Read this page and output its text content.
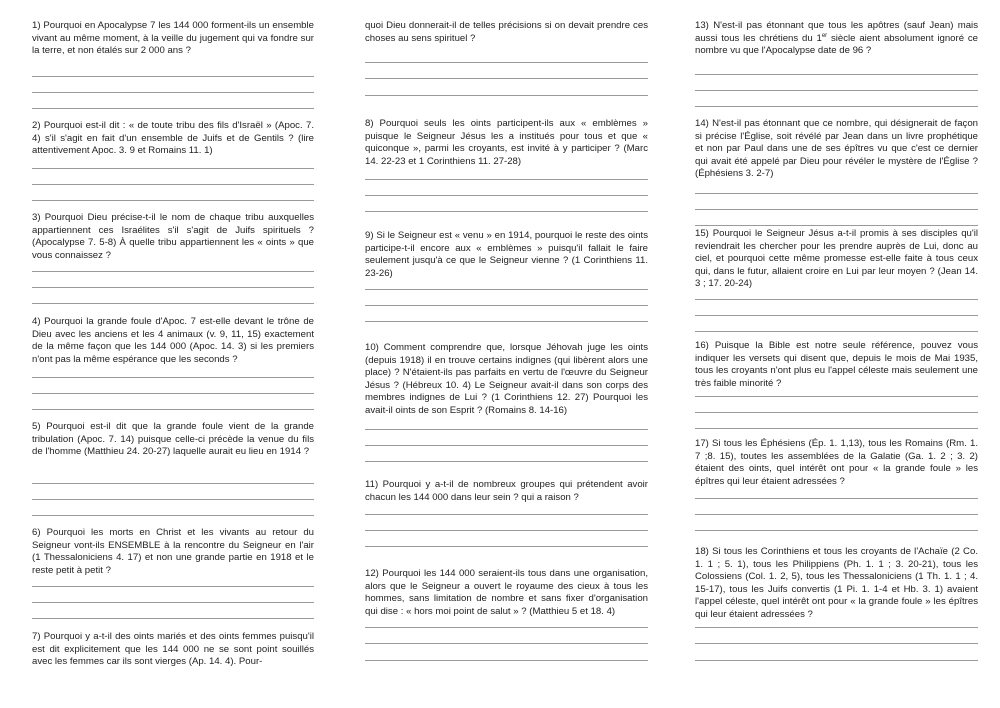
1) Pourquoi en Apocalypse 7 les 144 000 forment-ils un ensemble vivant au même moment, à la veille du jugement qui va fondre sur la terre, et non étalés sur 2 000 ans ?

2) Pourquoi est-il dit : « de toute tribu des fils d'Israël » (Apoc. 7. 4) s'il s'agit en fait d'un ensemble de Juifs et de Gentils ? (lire attentivement Apoc. 3. 9 et Romains 11. 1)

3) Pourquoi Dieu précise-t-il le nom de chaque tribu auxquelles appartiennent ces Israélites s'il s'agit de Juifs spirituels ? (Apocalypse 7. 5-8) À quelle tribu appartiennent les « oints » que vous connaissez ?

4) Pourquoi la grande foule d'Apoc. 7 est-elle devant le trône de Dieu avec les anciens et les 4 animaux (v. 9, 11, 15) exactement de la même façon que les 144 000 (Apoc. 14. 3) si les premiers n'ont pas la même espérance que les seconds ?

5) Pourquoi est-il dit que la grande foule vient de la grande tribulation (Apoc. 7. 14) puisque celle-ci précède la venue du fils de l'homme (Matthieu 24. 20-27) laquelle aurait eu lieu en 1914 ?

6) Pourquoi les morts en Christ et les vivants au retour du Seigneur vont-ils ENSEMBLE à la rencontre du Seigneur en l'air (1 Thessaloniciens 4. 17) et non une grande partie en 1918 et le reste petit à petit ?

7) Pourquoi y a-t-il des oints mariés et des oints femmes puisqu'il est dit explicitement que les 144 000 ne se sont point souillés avec les femmes car ils sont vierges (Ap. 14. 4). Pour-

quoi Dieu donnerait-il de telles précisions si on devait prendre ces choses au sens spirituel ?

8) Pourquoi seuls les oints participent-ils aux « emblèmes » puisque le Seigneur Jésus les a institués pour tous et que « quiconque », parmi les croyants, est invité à y participer ? (Marc 14. 22-23 et 1 Corinthiens 11. 27-28)

9) Si le Seigneur est « venu » en 1914, pourquoi le reste des oints participe-t-il encore aux « emblèmes » puisqu'il fallait le faire seulement jusqu'à ce que le Seigneur vienne ? (1 Corinthiens 11. 23-26)

10) Comment comprendre que, lorsque Jéhovah juge les oints (depuis 1918) il en trouve certains indignes (qui libèrent alors une place) ? N'étaient-ils pas parfaits en vertu de l'œuvre du Seigneur Jésus ? (Hébreux 10. 4) Le Seigneur avait-il dans son corps des membres indignes de Lui ? (1 Corinthiens 12. 27) Pourquoi les avait-il oints de son Esprit ? (Romains 8. 14-16)

11) Pourquoi y a-t-il de nombreux groupes qui prétendent avoir chacun les 144 000 dans leur sein ? qui a raison ?

12) Pourquoi les 144 000 seraient-ils tous dans une organisation, alors que le Seigneur a ouvert le royaume des cieux à tous les hommes, sans limitation de nombre et sans fixer d'organisation qui dise : « hors moi point de salut » ? (Matthieu 5 et 18. 4)

13) N'est-il pas étonnant que tous les apôtres (sauf Jean) mais aussi tous les chrétiens du 1er siècle aient absolument ignoré ce nombre vu que l'Apocalypse date de 96 ?

14) N'est-il pas étonnant que ce nombre, qui désignerait de façon si précise l'Église, soit révélé par Jean dans un livre prophétique et non par Paul dans une de ses épîtres vu que c'est ce dernier qui avait été appelé par Dieu pour révéler le mystère de l'Église ? (Éphésiens 3. 2-7)

15) Pourquoi le Seigneur Jésus a-t-il promis à ses disciples qu'il reviendrait les chercher pour les prendre auprès de Lui, donc au ciel, et pourquoi cette même promesse est-elle faite à tous ceux qui, dans le futur, allaient croire en Lui par leur moyen ? (Jean 14. 3 ; 17. 20-24)

16) Puisque la Bible est notre seule référence, pouvez vous indiquer les versets qui disent que, depuis le mois de Mai 1935, tous les croyants n'ont plus eu l'appel céleste mais seulement une très faible minorité ?

17) Si tous les Éphésiens (Ép. 1. 1,13), tous les Romains (Rm. 1. 7 ;8. 15), toutes les assemblées de la Galatie (Ga. 1. 2 ; 3. 2) étaient des oints, quel intérêt ont pour « la grande foule » les épîtres qui leur étaient adressées ?

18) Si tous les Corinthiens et tous les croyants de l'Achaïe (2 Co. 1. 1 ; 5. 1), tous les Philippiens (Ph. 1. 1 ; 3. 20-21), tous les Colossiens (Col. 1. 2, 5), tous les Thessaloniciens (1 Th. 1. 1 ; 4. 15-17), tous les Juifs convertis (1 Pi. 1. 1-4 et Hb. 3. 1) avaient l'appel céleste, quel intérêt ont pour « la grande foule » les épîtres qui leur étaient adressées ?
